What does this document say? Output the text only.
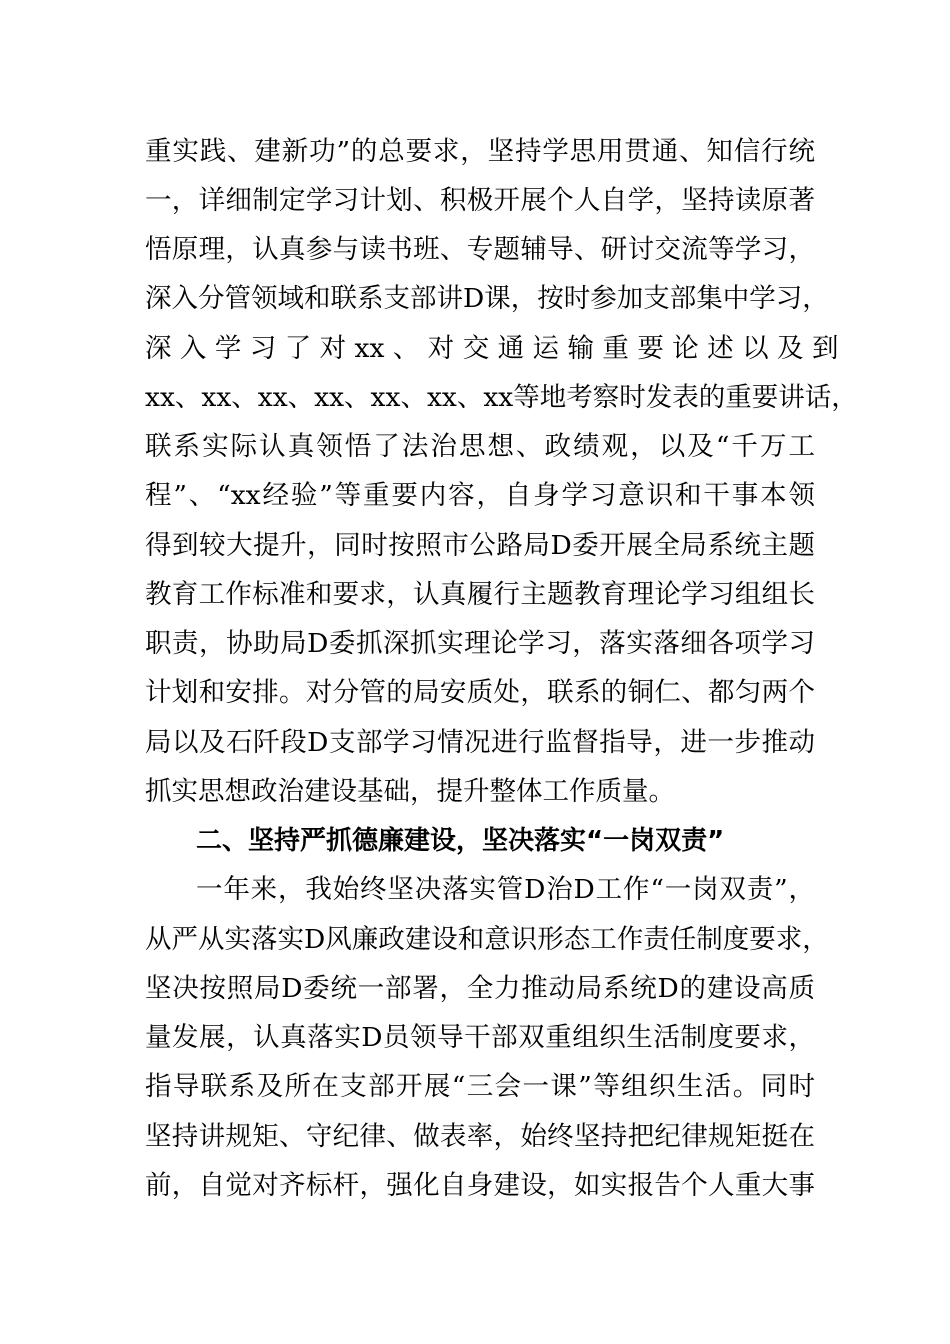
重实践、建新功”的总要求，坚持学思用贯通、知信行统
一，详细制定学习计划、积极开展个人自学，坚持读原著
悟原理，认真参与读书班、专题辅导、研讨交流等学习，
深入分管领域和联系支部讲D课，按时参加支部集中学习，
深 入 学 习 了 对 xx 、 对 交 通 运 输 重 要 论 述 以 及 到
xx、xx、xx、xx、xx、xx、xx等地考察时发表的重要讲话，
联系实际认真领悟了法治思想、政绩观，以及“千万工
程”、“xx经验”等重要内容，自身学习意识和干事本领
得到较大提升，同时按照市公路局D委开展全局系统主题
教育工作标准和要求，认真履行主题教育理论学习组组长
职责，协助局D委抓深抓实理论学习，落实落细各项学习
计划和安排。对分管的局安质处，联系的铜仁、都匀两个
局以及石阡段D支部学习情况进行监督指导，进一步推动
抓实思想政治建设基础，提升整体工作质量。
二、坚持严抓德廉建设，坚决落实“一岗双责”
一年来，我始终坚决落实管D治D工作“一岗双责”，
从严从实落实D风廉政建设和意识形态工作责任制度要求，
坚决按照局D委统一部署，全力推动局系统D的建设高质
量发展，认真落实D员领导干部双重组织生活制度要求，
指导联系及所在支部开展“三会一课”等组织生活。同时
坚持讲规矩、守纪律、做表率，始终坚持把纪律规矩挺在
前，自觉对齐标杆，强化自身建设，如实报告个人重大事
